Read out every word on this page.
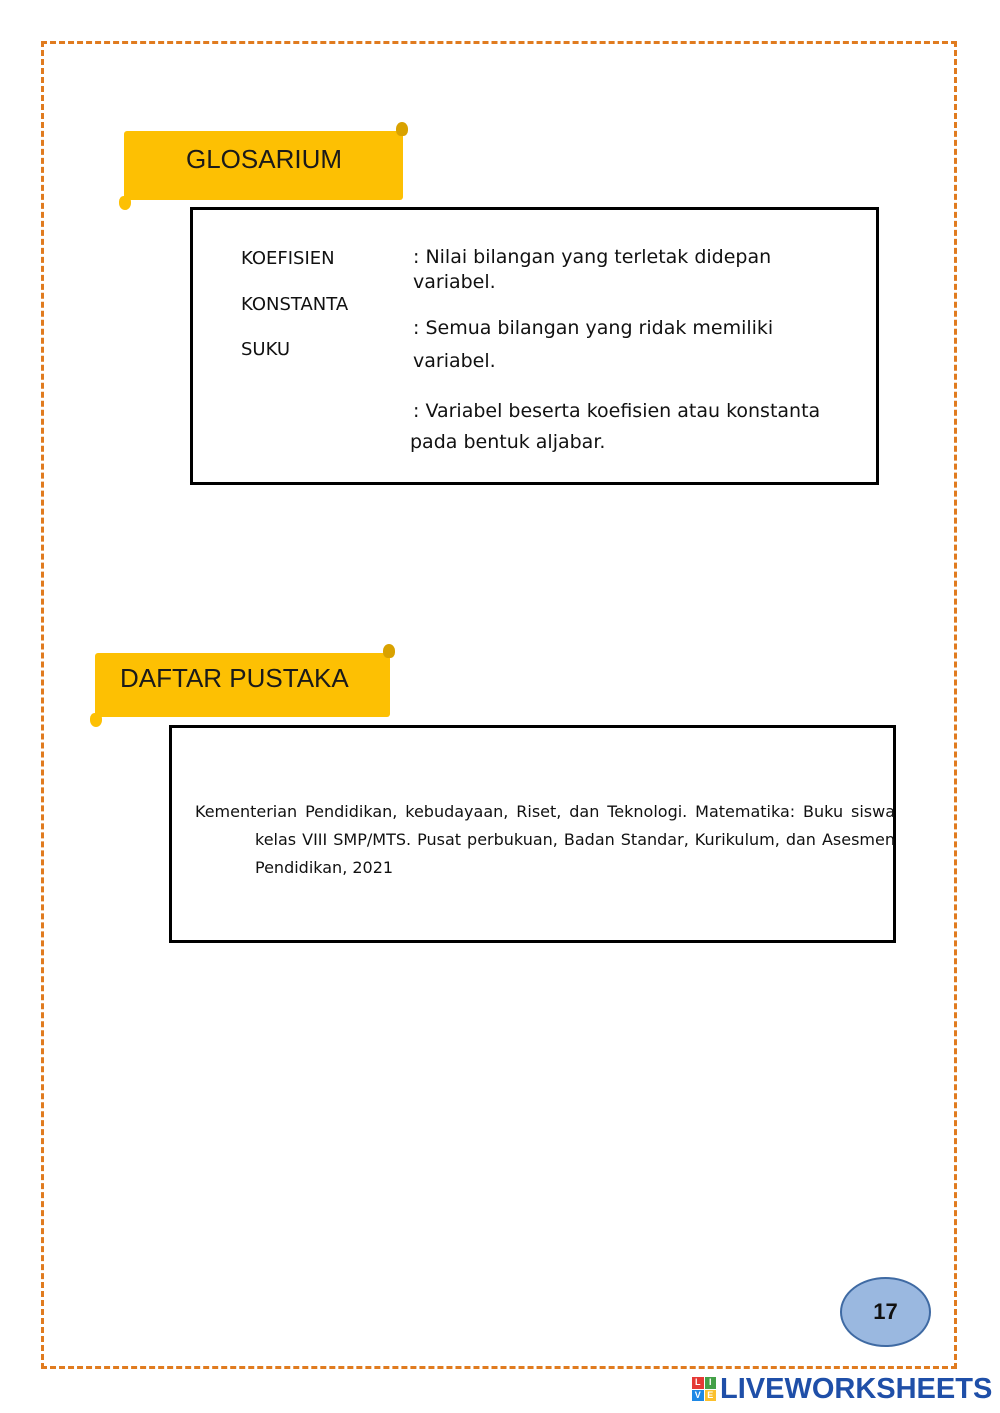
GLOSARIUM
KOEFISIEN
KONSTANTA
SUKU
: Nilai bilangan yang terletak didepan
variabel.
: Semua bilangan yang ridak memiliki
variabel.
: Variabel beserta koefisien atau konstanta
pada bentuk aljabar.
DAFTAR PUSTAKA
Kementerian Pendidikan, kebudayaan, Riset, dan Teknologi. Matematika: Buku siswa kelas VIII SMP/MTS. Pusat perbukuan, Badan Standar, Kurikulum, dan Asesmen Pendidikan, 2021
17
L I
V E LIVEWORKSHEETS
